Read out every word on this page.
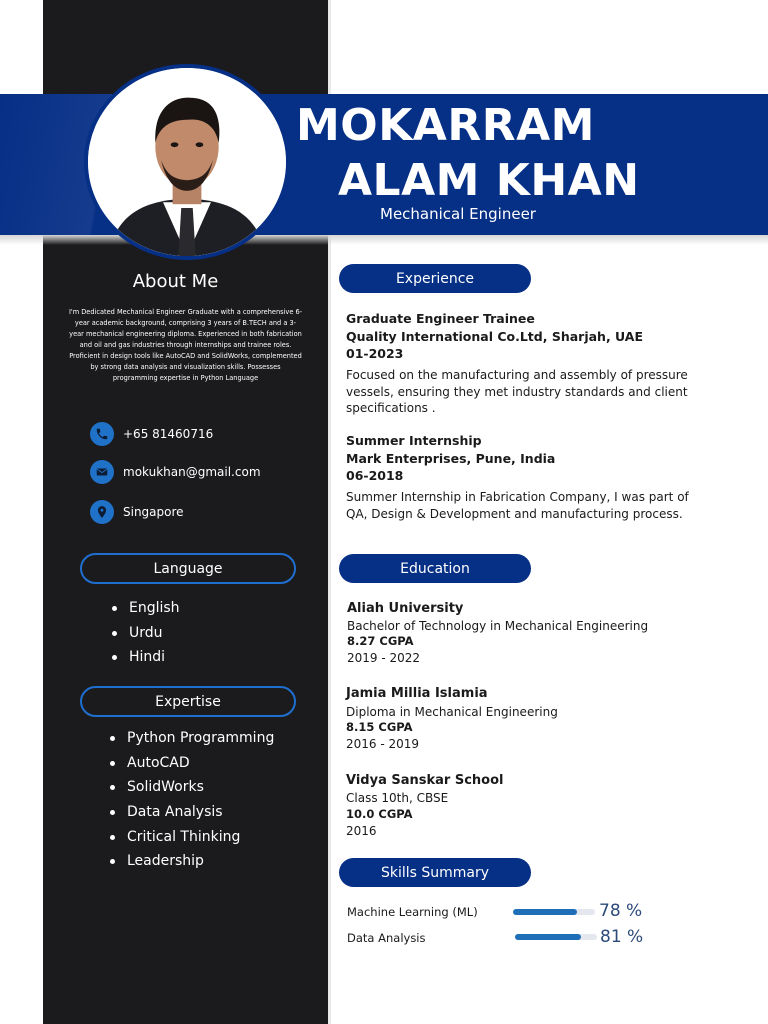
MOKARRAM
ALAM KHAN
Mechanical Engineer
About Me
I'm Dedicated Mechanical Engineer Graduate with a comprehensive 6-year academic background, comprising 3 years of B.TECH and a 3-year mechanical engineering diploma. Experienced in both fabrication and oil and gas industries through internships and trainee roles. Proficient in design tools like AutoCAD and SolidWorks, complemented by strong data analysis and visualization skills. Possesses programming expertise in Python Language
+65 81460716
mokukhan@gmail.com
Singapore
Language
English
Urdu
Hindi
Expertise
Python Programming
AutoCAD
SolidWorks
Data Analysis
Critical Thinking
Leadership
Experience
Graduate Engineer Trainee
Quality International Co.Ltd, Sharjah, UAE
01-2023
Focused on the manufacturing and assembly of pressure vessels, ensuring they met industry standards and client specifications .
Summer Internship
Mark Enterprises, Pune, India
06-2018
Summer Internship in Fabrication Company, I was part of QA, Design & Development and manufacturing process.
Education
Aliah University
Bachelor of Technology in Mechanical Engineering
8.27 CGPA
2019 - 2022
Jamia Millia Islamia
Diploma in Mechanical Engineering
8.15 CGPA
2016 - 2019
Vidya Sanskar School
Class 10th, CBSE
10.0 CGPA
2016
Skills Summary
Machine Learning (ML)	78 %
Data Analysis	81 %
